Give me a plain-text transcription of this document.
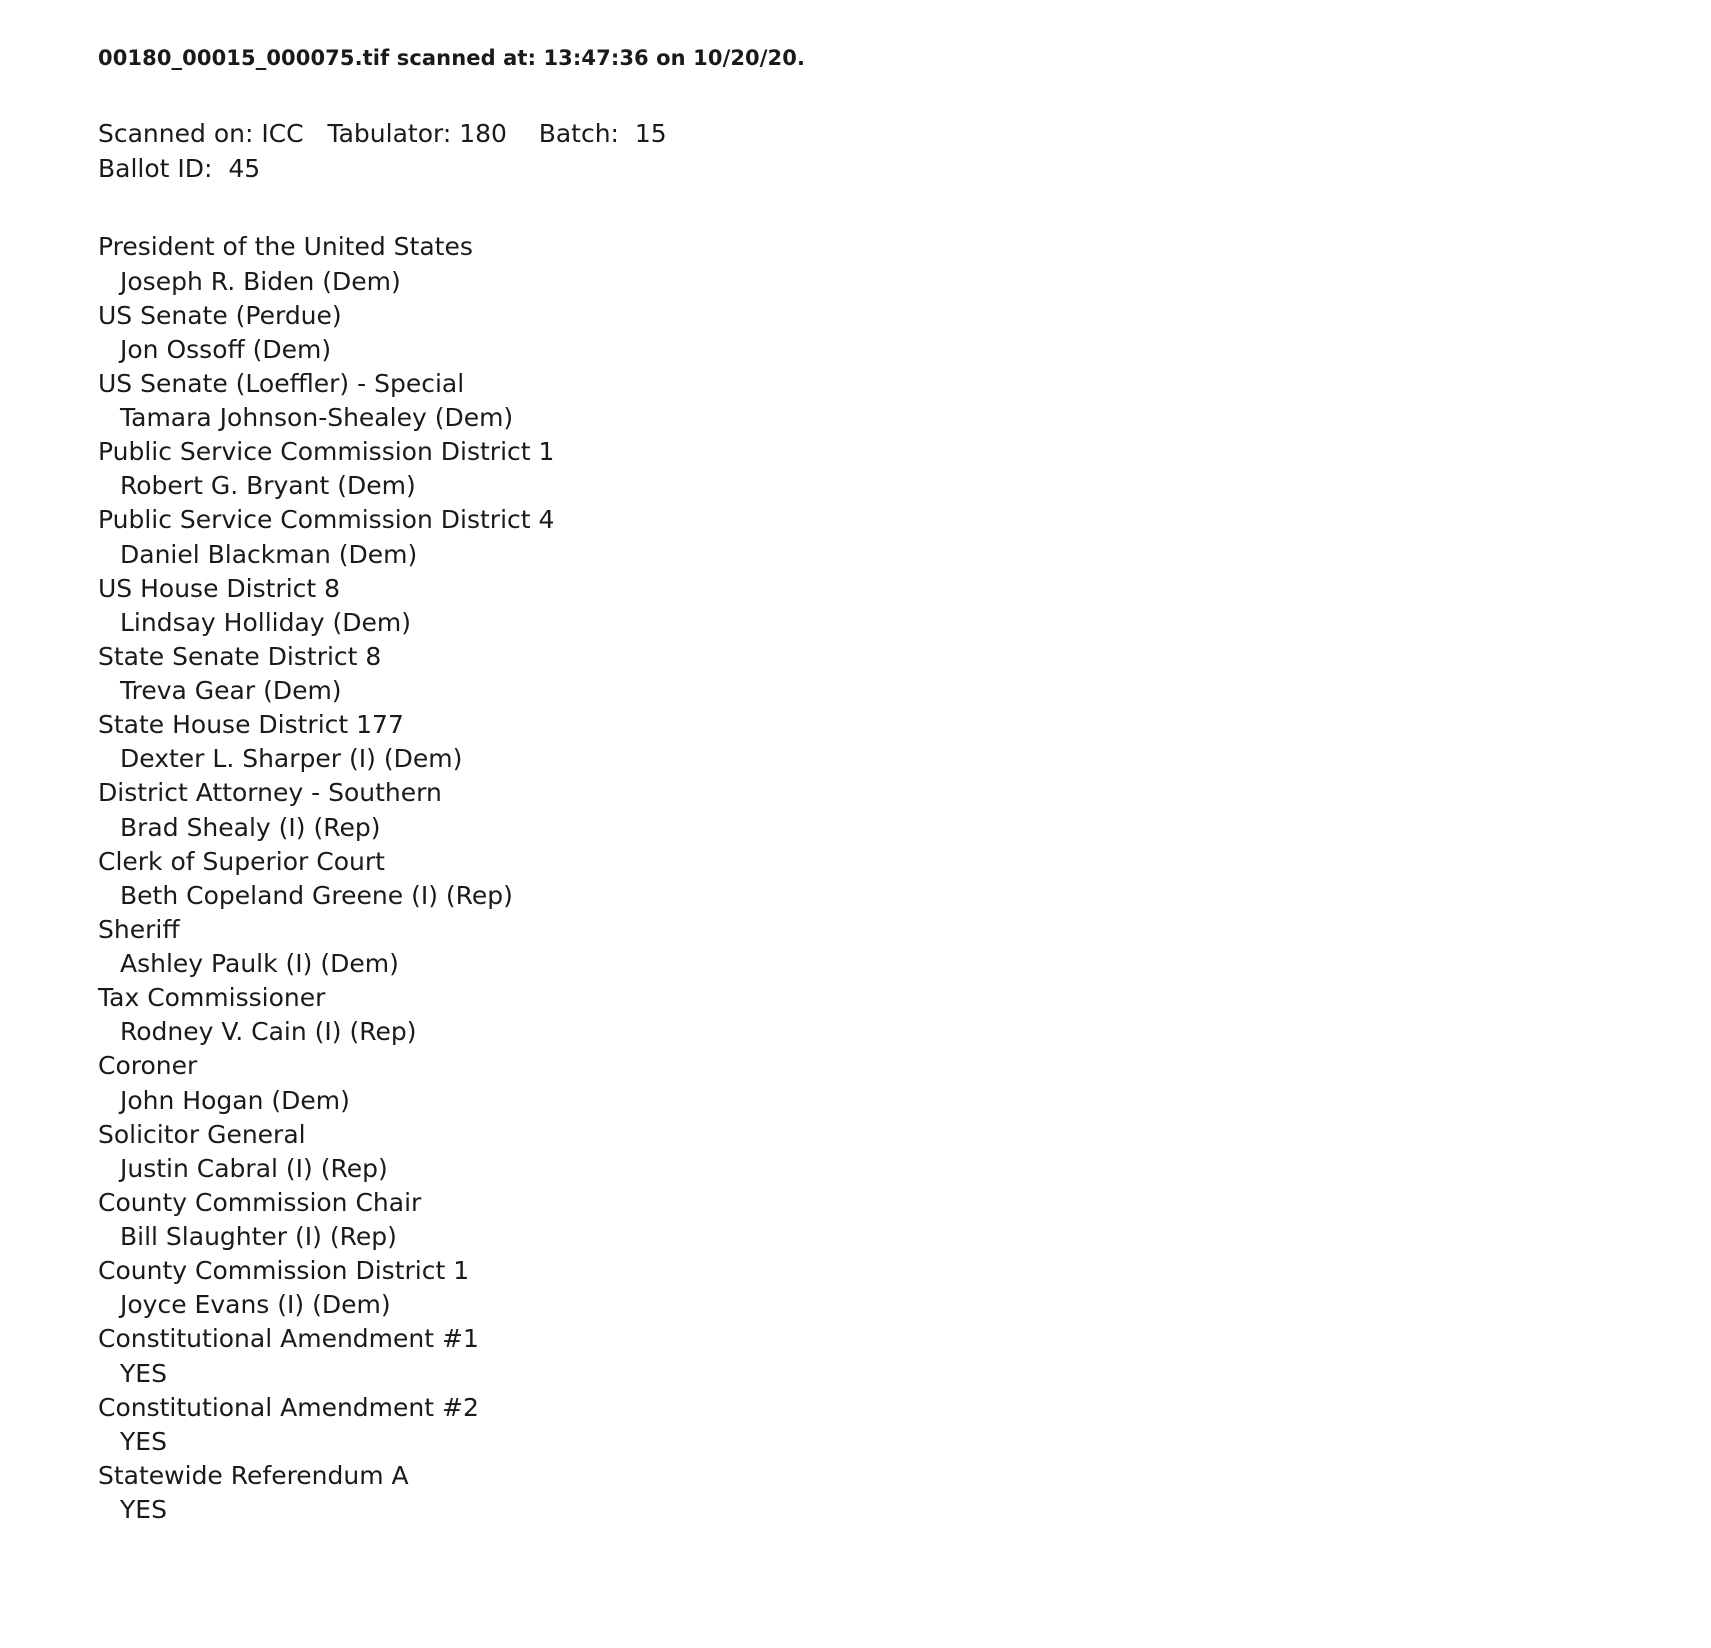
00180_00015_000075.tif scanned at: 13:47:36 on 10/20/20.
Scanned on: ICC   Tabulator: 180    Batch:  15
Ballot ID:  45
President of the United States
Joseph R. Biden (Dem)
US Senate (Perdue)
Jon Ossoff (Dem)
US Senate (Loeffler) - Special
Tamara Johnson-Shealey (Dem)
Public Service Commission District 1
Robert G. Bryant (Dem)
Public Service Commission District 4
Daniel Blackman (Dem)
US House District 8
Lindsay Holliday (Dem)
State Senate District 8
Treva Gear (Dem)
State House District 177
Dexter L. Sharper (I) (Dem)
District Attorney - Southern
Brad Shealy (I) (Rep)
Clerk of Superior Court
Beth Copeland Greene (I) (Rep)
Sheriff
Ashley Paulk (I) (Dem)
Tax Commissioner
Rodney V. Cain (I) (Rep)
Coroner
John Hogan (Dem)
Solicitor General
Justin Cabral (I) (Rep)
County Commission Chair
Bill Slaughter (I) (Rep)
County Commission District 1
Joyce Evans (I) (Dem)
Constitutional Amendment #1
YES
Constitutional Amendment #2
YES
Statewide Referendum A
YES
